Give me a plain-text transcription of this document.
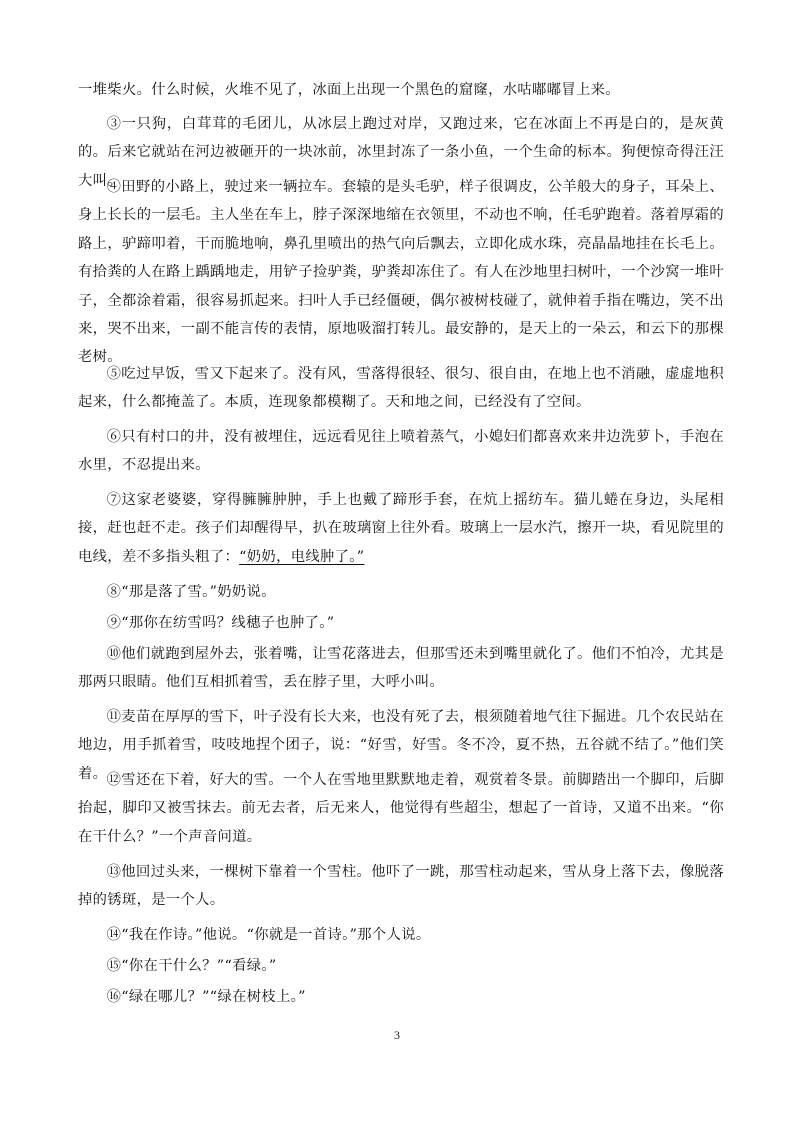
一堆柴火。什么时候，火堆不见了，冰面上出现一个黑色的窟窿，水咕嘟嘟冒上来。

③一只狗，白茸茸的毛团儿，从冰层上跑过对岸，又跑过来，它在冰面上不再是白的，是灰黄的。后来它就站在河边被砸开的一块冰前，冰里封冻了一条小鱼，一个生命的标本。狗便惊奇得汪汪大叫。

④田野的小路上，驶过来一辆拉车。套辕的是头毛驴，样子很调皮，公羊般大的身子，耳朵上、身上长长的一层毛。主人坐在车上，脖子深深地缩在衣领里，不动也不响，任毛驴跑着。落着厚霜的路上，驴蹄叩着，干而脆地响，鼻孔里喷出的热气向后飘去，立即化成水珠，亮晶晶地挂在长毛上。有拾粪的人在路上踽踽地走，用铲子捡驴粪，驴粪却冻住了。有人在沙地里扫树叶，一个沙窝一堆叶子，全都涂着霜，很容易抓起来。扫叶人手已经僵硬，偶尔被树枝碰了，就伸着手指在嘴边，笑不出来，哭不出来，一副不能言传的表情，原地吸溜打转儿。最安静的，是天上的一朵云，和云下的那棵老树。

⑤吃过早饭，雪又下起来了。没有风，雪落得很轻、很匀、很自由，在地上也不消融，虚虚地积起来，什么都掩盖了。本质，连现象都模糊了。天和地之间，已经没有了空间。

⑥只有村口的井，没有被埋住，远远看见往上喷着蒸气，小媳妇们都喜欢来井边洗萝卜，手泡在水里，不忍提出来。

⑦这家老婆婆，穿得臃臃肿肿，手上也戴了蹄形手套，在炕上摇纺车。猫儿蜷在身边，头尾相接，赶也赶不走。孩子们却醒得早，扒在玻璃窗上往外看。玻璃上一层水汽，擦开一块，看见院里的电线，差不多指头粗了：“奶奶，电线肿了。”

⑧“那是落了雪。”奶奶说。

⑨“那你在纺雪吗？线穗子也肿了。”

⑩他们就跑到屋外去，张着嘴，让雪花落进去，但那雪还未到嘴里就化了。他们不怕冷，尤其是那两只眼睛。他们互相抓着雪，丢在脖子里，大呼小叫。

⑪麦苗在厚厚的雪下，叶子没有长大来，也没有死了去，根须随着地气往下掘进。几个农民站在地边，用手抓着雪，吱吱地捏个团子，说：“好雪，好雪。冬不冷，夏不热，五谷就不结了。”他们笑着。 ⑫雪还在下着，好大的雪。一个人在雪地里默默地走着，观赏着冬景。前脚踏出一个脚印，后脚抬起，脚印又被雪抹去。前无去者，后无来人，他觉得有些超尘，想起了一首诗，又道不出来。“你在干什么？”一个声音问道。

⑬他回过头来，一棵树下靠着一个雪柱。他吓了一跳，那雪柱动起来，雪从身上落下去，像脱落掉的锈斑，是一个人。

⑭“我在作诗。”他说。“你就是一首诗。”那个人说。

⑮“你在干什么？”“看绿。”

⑯“绿在哪儿？”“绿在树枝上。”

3
